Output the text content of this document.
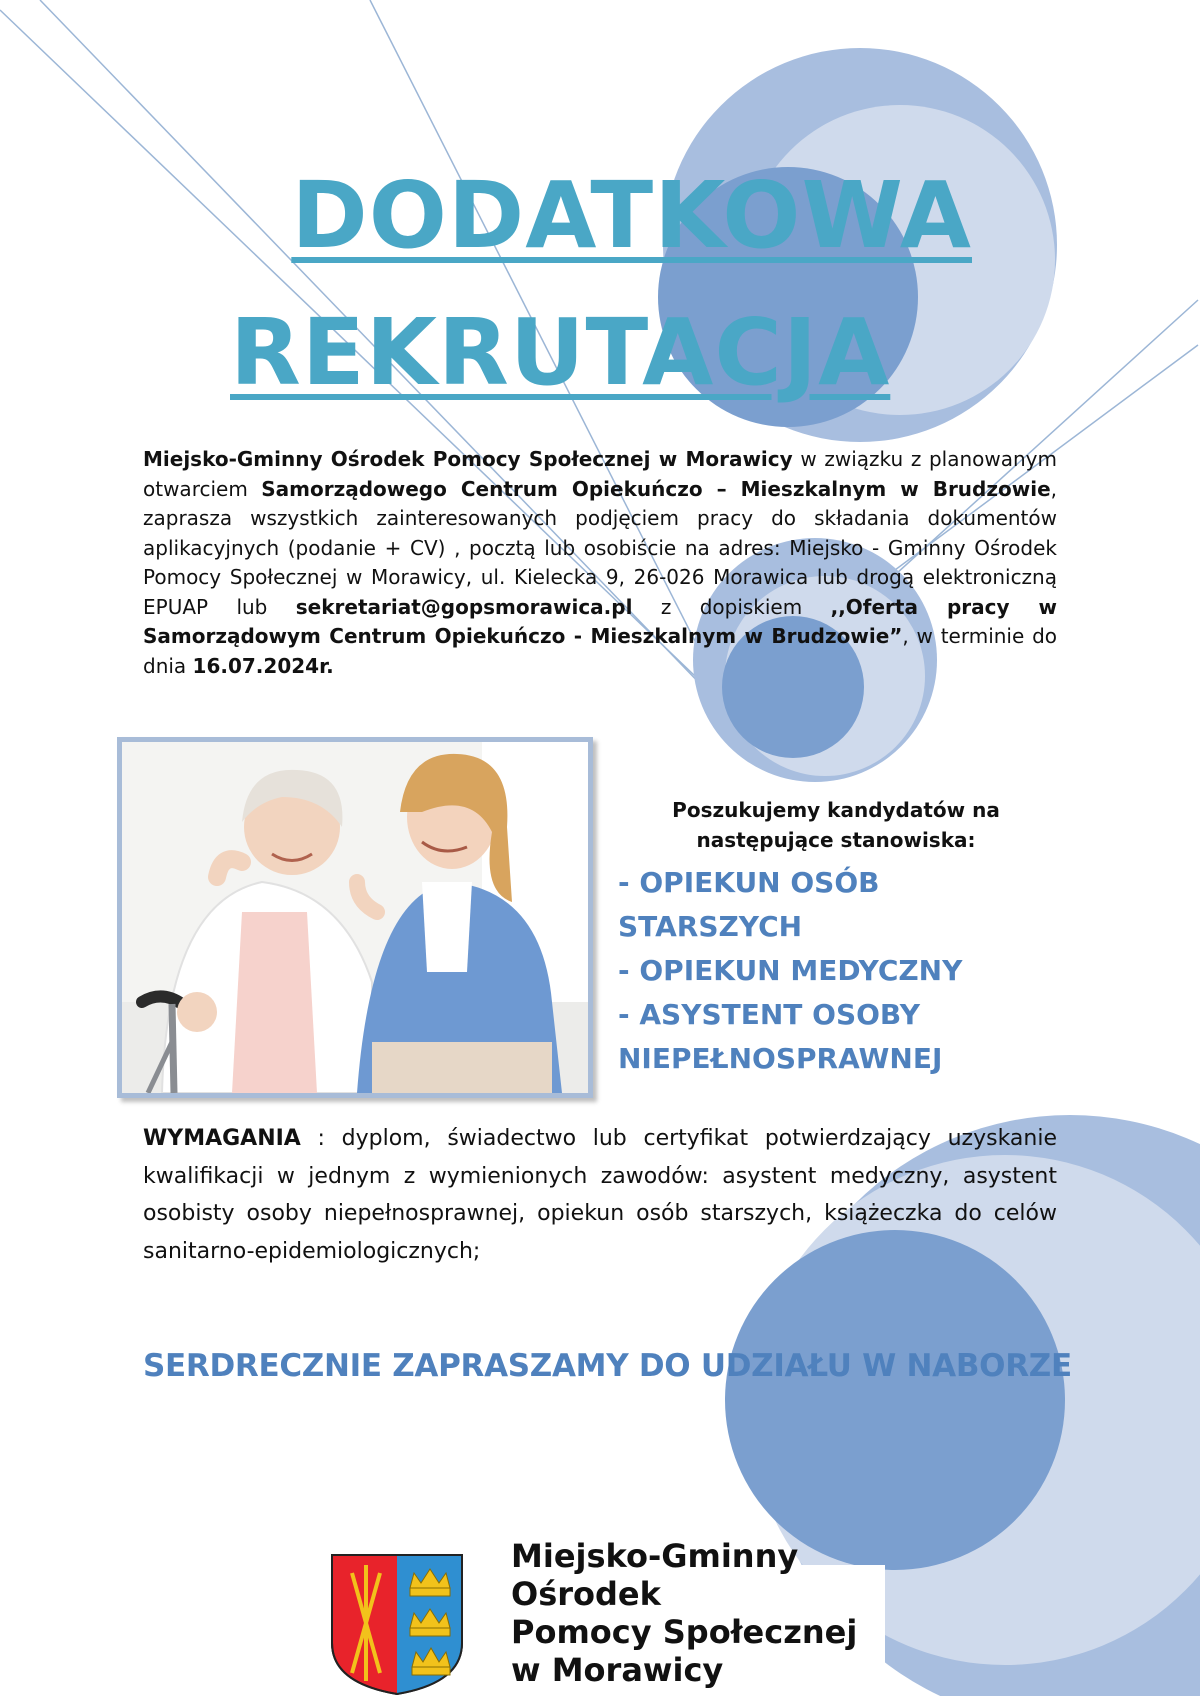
DODATKOWA
REKRUTACJA
Miejsko-Gminny Ośrodek Pomocy Społecznej w Morawicy w związku z planowanym otwarciem Samorządowego Centrum Opiekuńczo – Mieszkalnym w Brudzowie, zaprasza wszystkich zainteresowanych podjęciem pracy do składania dokumentów aplikacyjnych (podanie + CV) , pocztą lub osobiście na adres: Miejsko - Gminny Ośrodek Pomocy Społecznej w Morawicy, ul. Kielecka 9, 26-026 Morawica lub drogą elektroniczną EPUAP lub sekretariat@gopsmorawica.pl z dopiskiem ,,Oferta pracy w Samorządowym Centrum Opiekuńczo - Mieszkalnym w Brudzowie”, w terminie do dnia 16.07.2024r.
Poszukujemy kandydatów na następujące stanowiska:

- OPIEKUN OSÓB STARSZYCH

- OPIEKUN MEDYCZNY

- ASYSTENT OSOBY NIEPEŁNOSPRAWNEJ

WYMAGANIA : dyplom, świadectwo lub certyfikat potwierdzający uzyskanie kwalifikacji w jednym z wymienionych zawodów: asystent medyczny, asystent osobisty osoby niepełnosprawnej, opiekun osób starszych, książeczka do celów sanitarno-epidemiologicznych;
SERDRECZNIE ZAPRASZAMY DO UDZIAŁU W NABORZE
Miejsko-Gminny
Ośrodek
Pomocy Społecznej
w Morawicy
